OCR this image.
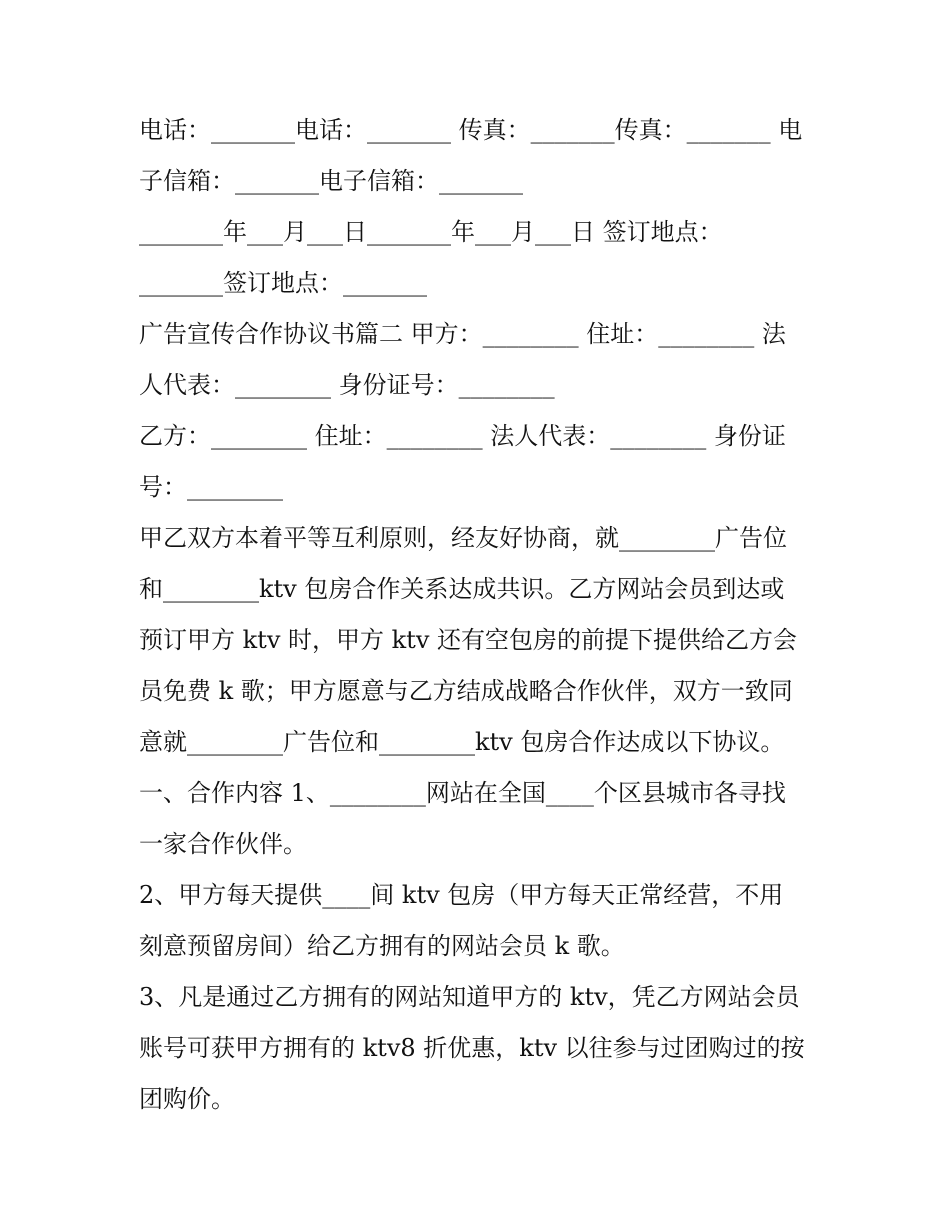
电话：_______电话：_______ 传真：_______传真：_______ 电
子信箱：_______电子信箱：_______
_______年___月___日_______年___月___日 签订地点：
_______签订地点：_______
广告宣传合作协议书篇二 甲方：________ 住址：________ 法
人代表：________ 身份证号：________
乙方：________ 住址：________ 法人代表：________ 身份证
号：________
甲乙双方本着平等互利原则，经友好协商，就________广告位
和________ktv 包房合作关系达成共识。乙方网站会员到达或
预订甲方 ktv 时，甲方 ktv 还有空包房的前提下提供给乙方会
员免费 k 歌；甲方愿意与乙方结成战略合作伙伴，双方一致同
意就________广告位和________ktv 包房合作达成以下协议。
一、合作内容 1、________网站在全国____个区县城市各寻找
一家合作伙伴。
2、甲方每天提供____间 ktv 包房（甲方每天正常经营，不用
刻意预留房间）给乙方拥有的网站会员 k 歌。
3、凡是通过乙方拥有的网站知道甲方的 ktv，凭乙方网站会员
账号可获甲方拥有的 ktv8 折优惠，ktv 以往参与过团购过的按
团购价。
